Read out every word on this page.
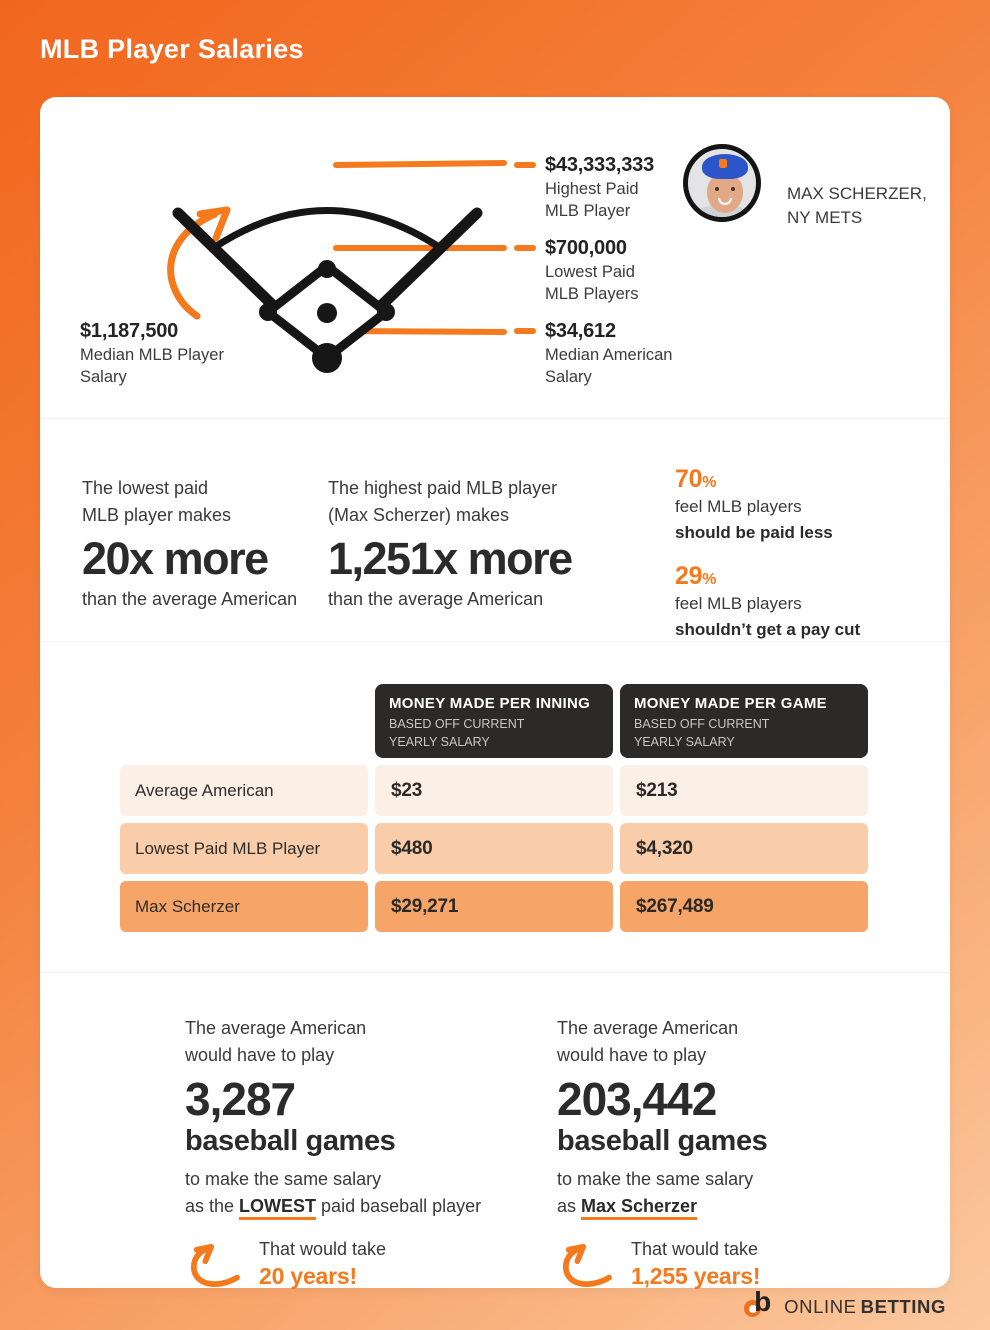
MLB Player Salaries
$43,333,333
Highest Paid
MLB Player
$700,000
Lowest Paid
MLB Players
$34,612
Median American
Salary
$1,187,500
Median MLB Player
Salary
MAX SCHERZER,
NY METS
The lowest paid
MLB player makes
20x more
than the average American
The highest paid MLB player
(Max Scherzer) makes
1,251x more
than the average American
70%
feel MLB players
should be paid less
29%
feel MLB players
shouldn’t get a pay cut
MONEY MADE PER INNING
BASED OFF CURRENT
YEARLY SALARY
MONEY MADE PER GAME
BASED OFF CURRENT
YEARLY SALARY
Average American	$23	$213
Lowest Paid MLB Player	$480	$4,320
Max Scherzer	$29,271	$267,489
The average American
would have to play
3,287
baseball games
to make the same salary
as the LOWEST paid baseball player
That would take
20 years!
The average American
would have to play
203,442
baseball games
to make the same salary
as Max Scherzer
That would take
1,255 years!
b
ONLINE BETTING
